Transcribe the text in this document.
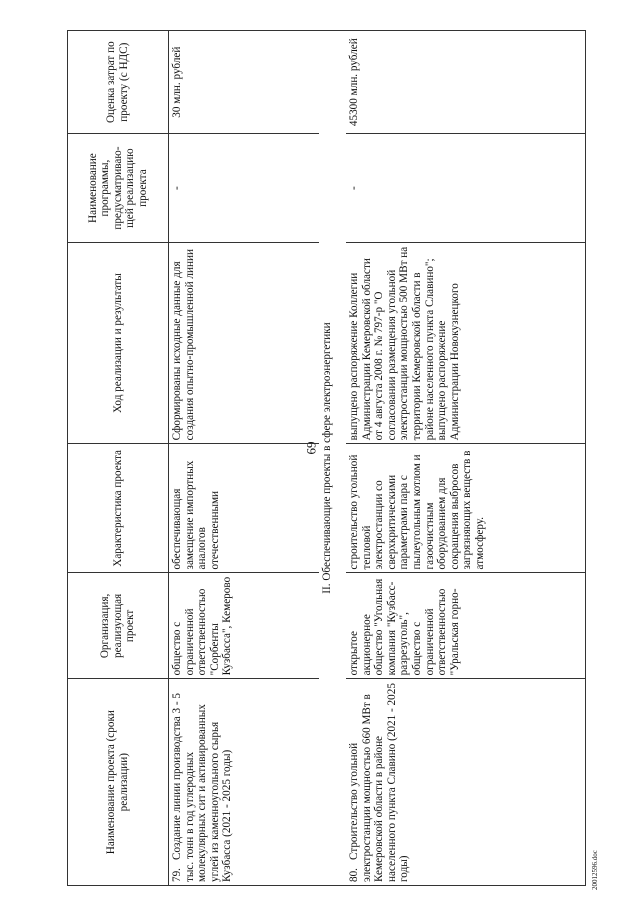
69
Наименование проекта (сроки реализации)	Организация, реализующая проект	Характеристика проекта	Ход реализации и результаты	Наименование программы, предусматриваю-щей реализацию проекта	Оценка затрат по проекту (с НДС)
79.Создание линии производства 3 - 5 тыс. тонн в год углеродных молекулярных сит и активированных углей из каменноугольного сырья Кузбасса (2021 - 2025 годы)	общество с ограниченной ответственностью "Сорбенты Кузбасса", Кемерово	обеспечивающая замещение импортных аналогов отечественными	Сформированы исходные данные для создания опытно-промышленной линии	-	30 млн. рублей
II. Обеспечивающие проекты в сфере электроэнергетики					
80.Строительство угольной электростанции мощностью 660 МВт в Кемеровской области в районе населенного пункта Славино (2021 - 2025 годы)	открытое акционерное общество "Угольная компания "Кузбасс-разрезуголь", общество с ограниченной ответственностью "Уральская горно-	строительство угольной тепловой электростанции со сверхкритическими параметрами пара с пылеугольным котлом и газоочистным оборудованием для сокращения выбросов загрязняющих веществ в атмосферу.	выпущено распоряжение Коллегии Администрации Кемеровской области от 4 августа 2008 г. № 797-р "О согласовании размещения угольной электростанции мощностью 500 МВт на территории Кемеровской области в районе населенного пункта Славино"; выпущено распоряжение Администрации Новокузнецкого	-	45300 млн. рублей
20012596.doc
